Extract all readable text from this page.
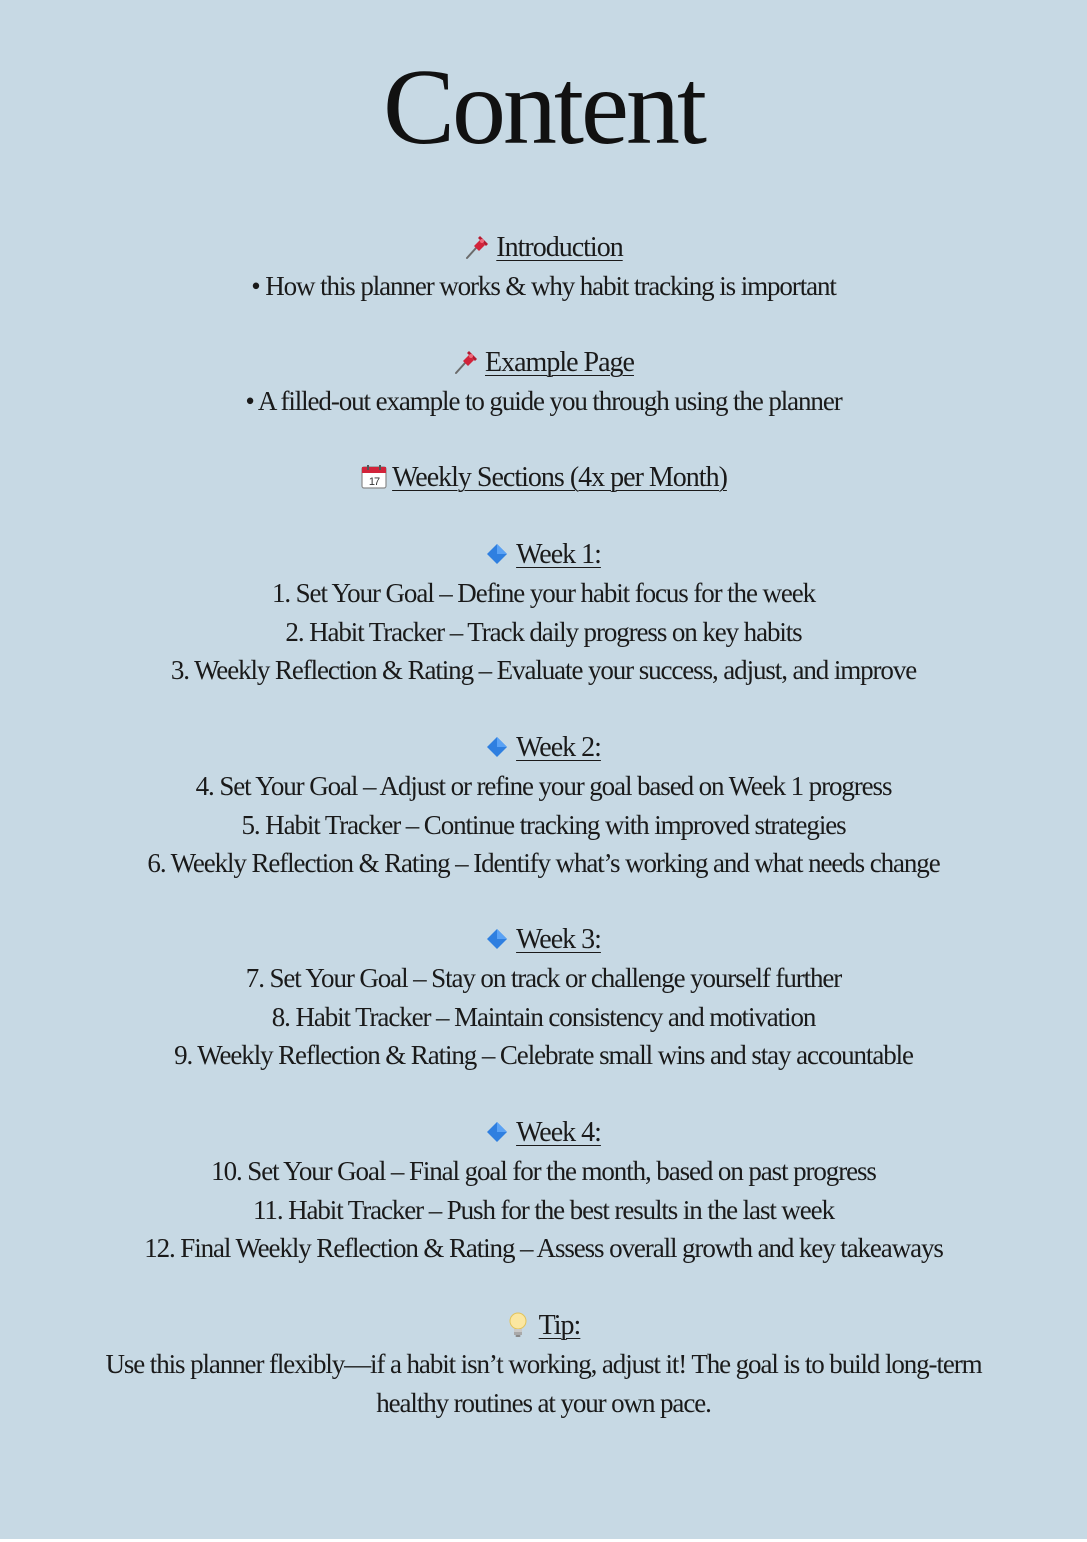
Content
Introduction
• How this planner works & why habit tracking is important
Example Page
• A filled-out example to guide you through using the planner
17 Weekly Sections (4x per Month)
Week 1:
1. Set Your Goal – Define your habit focus for the week
2. Habit Tracker – Track daily progress on key habits
3. Weekly Reflection & Rating – Evaluate your success, adjust, and improve
Week 2:
4. Set Your Goal – Adjust or refine your goal based on Week 1 progress
5. Habit Tracker – Continue tracking with improved strategies
6. Weekly Reflection & Rating – Identify what’s working and what needs change
Week 3:
7. Set Your Goal – Stay on track or challenge yourself further
8. Habit Tracker – Maintain consistency and motivation
9. Weekly Reflection & Rating – Celebrate small wins and stay accountable
Week 4:
10. Set Your Goal – Final goal for the month, based on past progress
11. Habit Tracker – Push for the best results in the last week
12. Final Weekly Reflection & Rating – Assess overall growth and key takeaways
Tip:
Use this planner flexibly—if a habit isn’t working, adjust it! The goal is to build long-term
healthy routines at your own pace.
